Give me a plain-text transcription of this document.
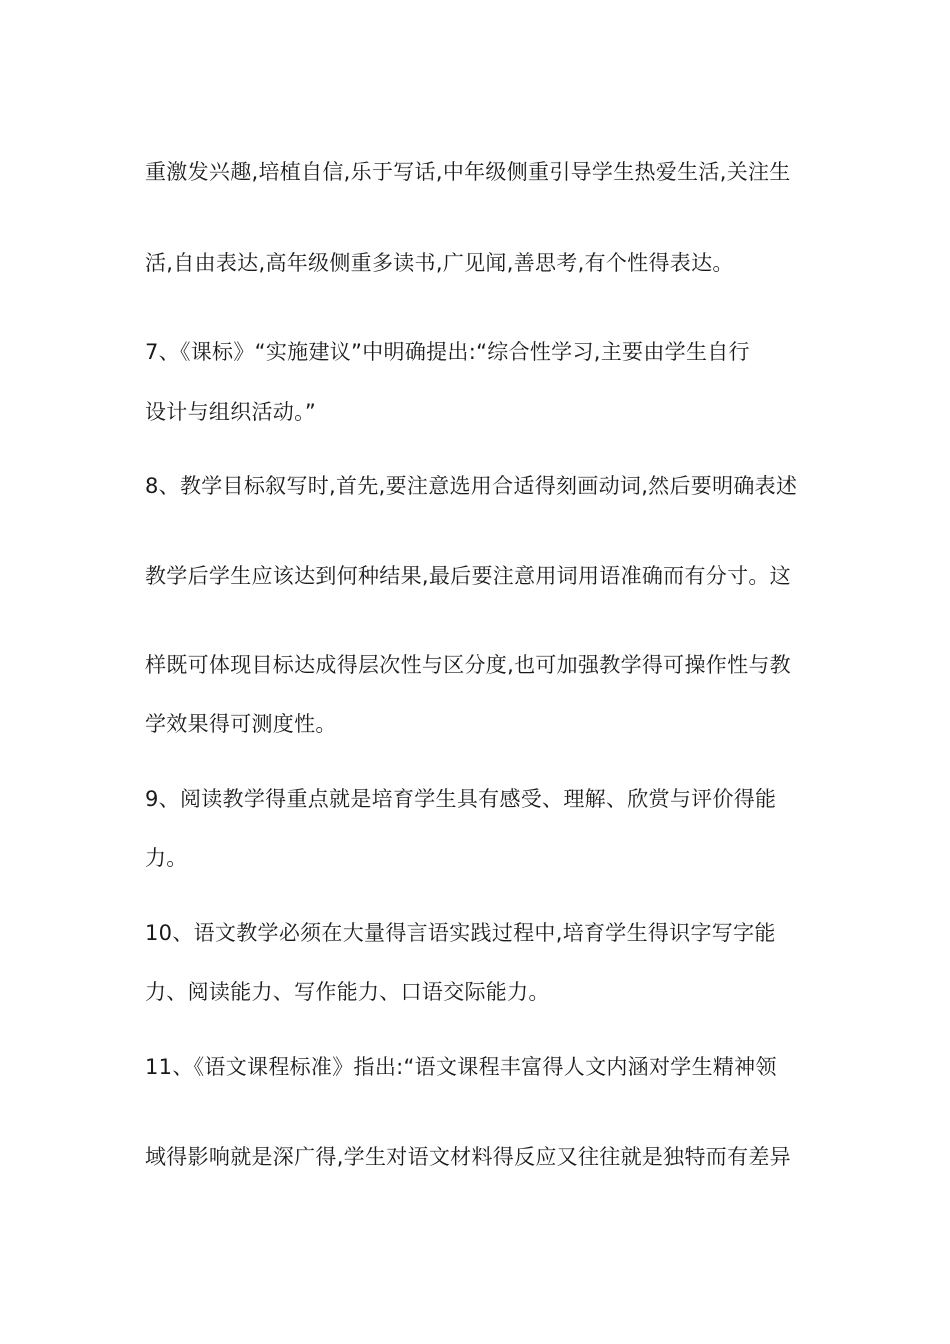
重激发兴趣,培植自信,乐于写话,中年级侧重引导学生热爱生活,关注生
活,自由表达,高年级侧重多读书,广见闻,善思考,有个性得表达。
7、《课标》“实施建议”中明确提出:“综合性学习,主要由学生自行
设计与组织活动。”
8、教学目标叙写时,首先,要注意选用合适得刻画动词,然后要明确表述
教学后学生应该达到何种结果,最后要注意用词用语准确而有分寸。这
样既可体现目标达成得层次性与区分度,也可加强教学得可操作性与教
学效果得可测度性。
9、阅读教学得重点就是培育学生具有感受、理解、欣赏与评价得能
力。
10、语文教学必须在大量得言语实践过程中,培育学生得识字写字能
力、阅读能力、写作能力、口语交际能力。
11、《语文课程标准》指出:“语文课程丰富得人文内涵对学生精神领
域得影响就是深广得,学生对语文材料得反应又往往就是独特而有差异
